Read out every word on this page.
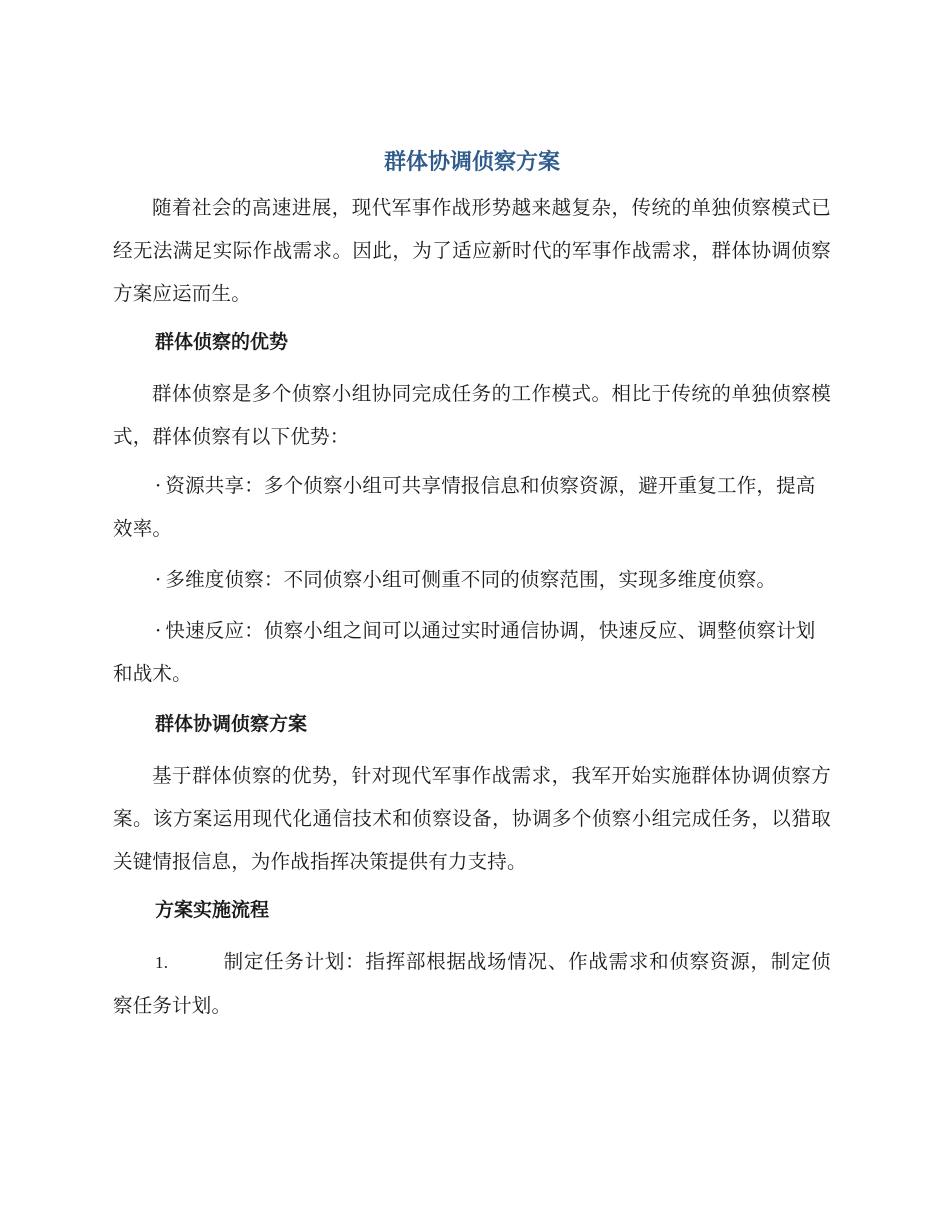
群体协调侦察方案

随着社会的高速进展，现代军事作战形势越来越复杂，传统的单独侦察模式已经无法满足实际作战需求。因此，为了适应新时代的军事作战需求，群体协调侦察方案应运而生。

群体侦察的优势

群体侦察是多个侦察小组协同完成任务的工作模式。相比于传统的单独侦察模式，群体侦察有以下优势：

· 资源共享：多个侦察小组可共享情报信息和侦察资源，避开重复工作，提高效率。

· 多维度侦察：不同侦察小组可侧重不同的侦察范围，实现多维度侦察。

· 快速反应：侦察小组之间可以通过实时通信协调，快速反应、调整侦察计划和战术。

群体协调侦察方案

基于群体侦察的优势，针对现代军事作战需求，我军开始实施群体协调侦察方案。该方案运用现代化通信技术和侦察设备，协调多个侦察小组完成任务，以猎取关键情报信息，为作战指挥决策提供有力支持。

方案实施流程

1.	制定任务计划：指挥部根据战场情况、作战需求和侦察资源，制定侦察任务计划。
